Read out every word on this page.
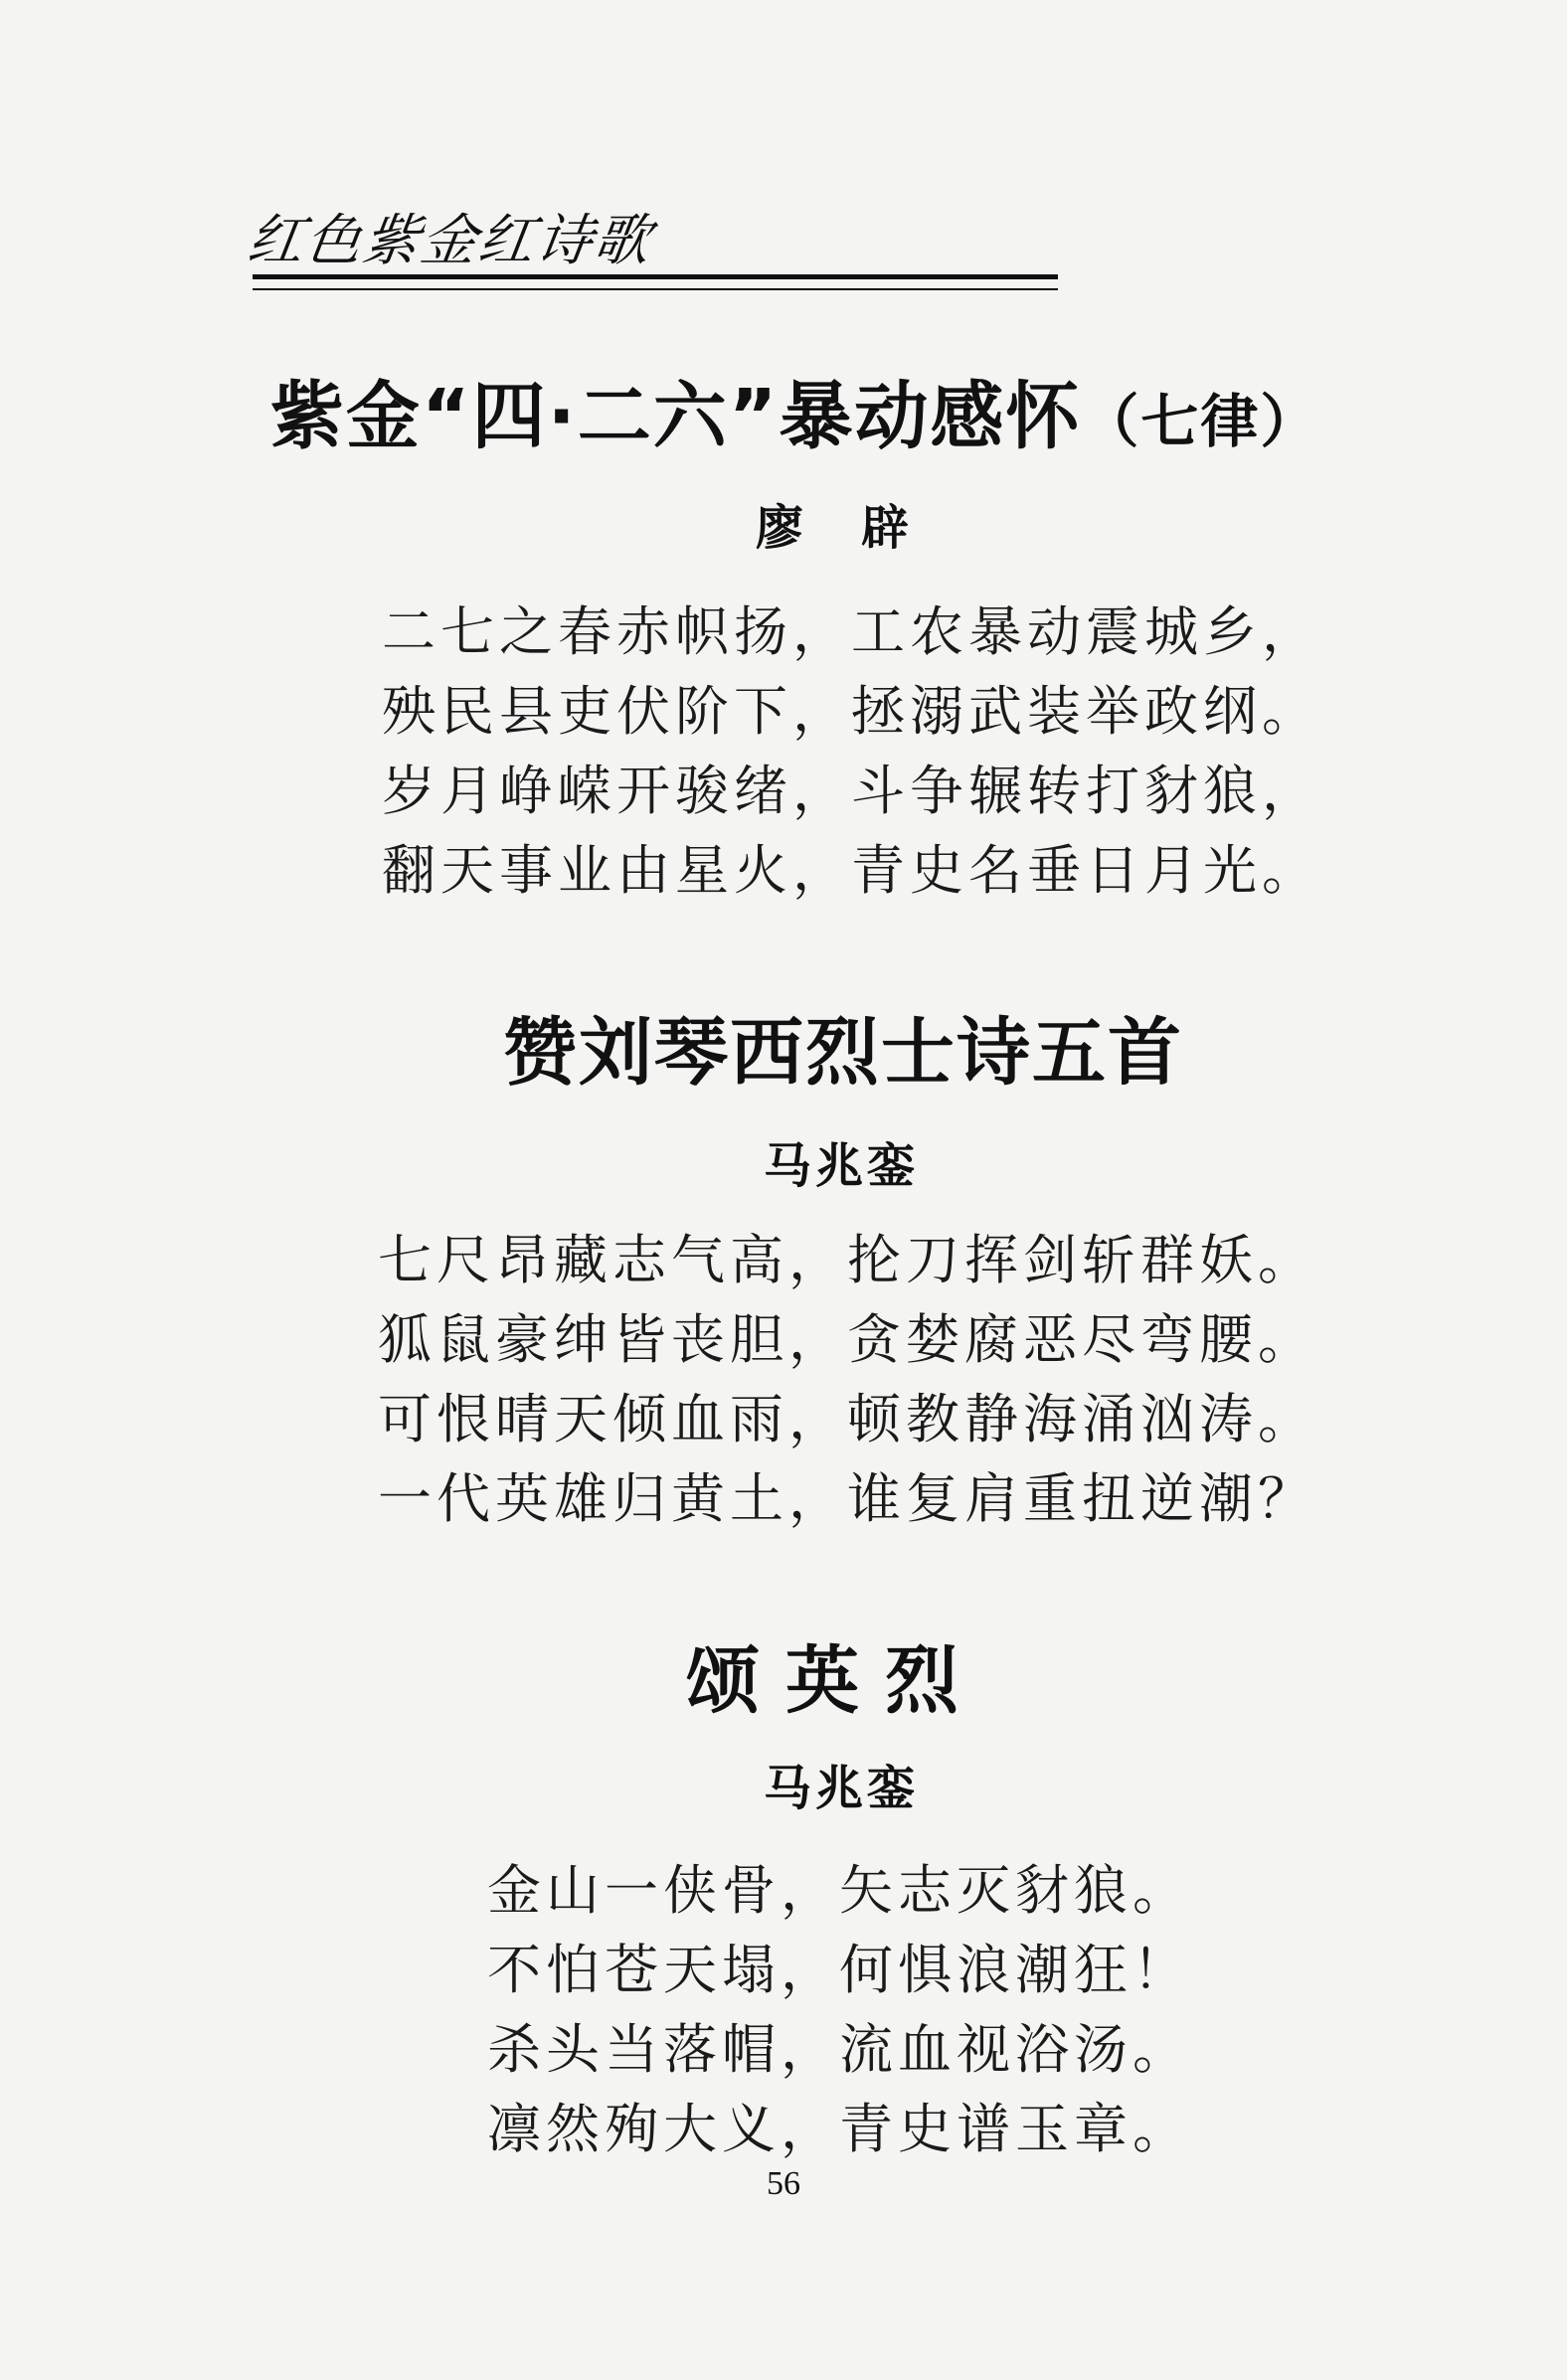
红色紫金红诗歌
紫金“四·二六”暴动感怀（七律）
廖辟
二七之春赤帜扬，工农暴动震城乡，
殃民县吏伏阶下，拯溺武装举政纲。
岁月峥嵘开骏绪，斗争辗转打豺狼，
翻天事业由星火，青史名垂日月光。
赞刘琴西烈士诗五首
马兆銮
七尺昂藏志气高，抡刀挥剑斩群妖。
狐鼠豪绅皆丧胆，贪婪腐恶尽弯腰。
可恨晴天倾血雨，顿教静海涌汹涛。
一代英雄归黄土，谁复肩重扭逆潮？
颂英烈
马兆銮
金山一侠骨，矢志灭豺狼。
不怕苍天塌，何惧浪潮狂！
杀头当落帽，流血视浴汤。
凛然殉大义，青史谱玉章。
56
